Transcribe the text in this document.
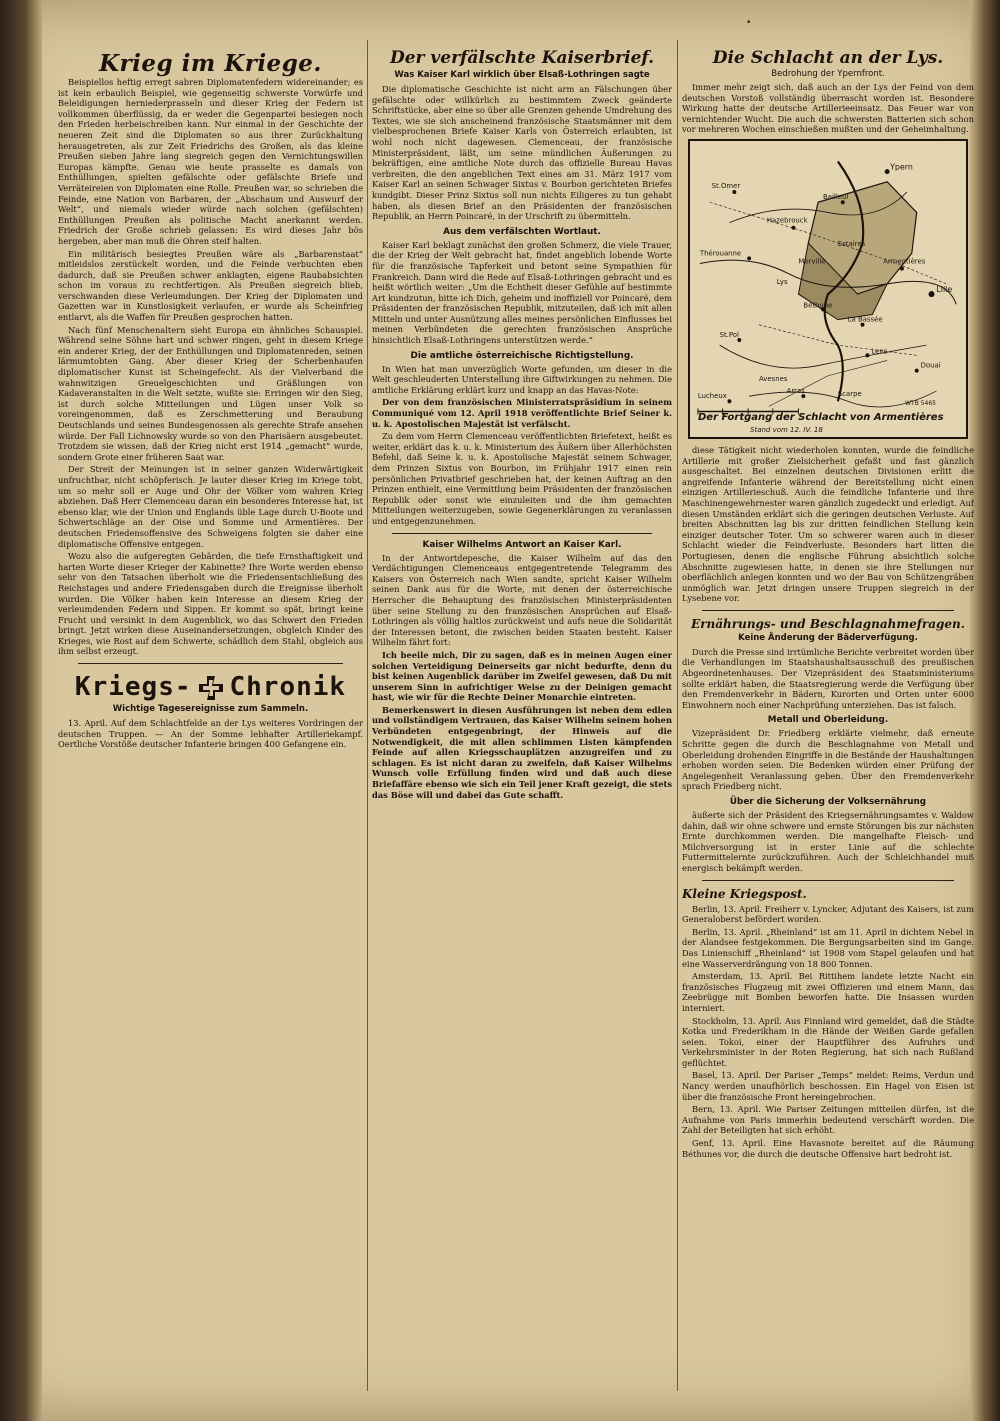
•
Krieg im Kriege.

Beispiellos heftig erregt sabren Diplomatenfedern widereinander; es ist kein erbaulich Beispiel, wie gegenseitig schwerste Vorwürfe und Beleidigungen herniederprasseln und dieser Krieg der Federn ist vollkommen überflüssig, da er weder die Gegenpartei besiegen noch den Frieden herbeischreiben kann. Nur einmal in der Geschichte der neueren Zeit sind die Diplomaten so aus ihrer Zurückhaltung herausgetreten, als zur Zeit Friedrichs des Großen, als das kleine Preußen sieben Jahre lang siegreich gegen den Vernichtungswillen Europas kämpfte. Genau wie heute prasselte es damals von Enthüllungen, spielten gefälschte oder gefälschte Briefe und Verräteireien von Diplomaten eine Rolle. Preußen war, so schrieben die Feinde, eine Nation von Barbaren, der „Abschaum und Auswurf der Welt“, und niemals wieder würde nach solchen (gefälschten) Enthüllungen Preußen als politische Macht anerkannt werden. Friedrich der Große schrieb gelassen: Es wird dieses Jahr bös hergeben, aber man muß die Ohren steif halten.

Ein militärisch besiegtes Preußen wäre als „Barbarenstaat“ mitleidslos zerstückelt worden, und die Feinde verbuchten eben dadurch, daß sie Preußen schwer anklagten, eigene Raubabsichten schon im voraus zu rechtfertigen. Als Preußen siegreich blieb, verschwanden diese Verleumdungen. Der Krieg der Diplomaten und Gazetten war in Kunstlosigkeit verlaufen, er wurde als Scheinfrieg entlarvt, als die Waffen für Preußen gesprochen hatten.

Nach fünf Menschenaltern sieht Europa ein ähnliches Schauspiel. Während seine Söhne hart und schwer ringen, geht in diesem Kriege ein anderer Krieg, der der Enthüllungen und Diplomatenreden, seinen lärmumtobten Gang. Aber dieser Krieg der Scherbenhaufen diplomatischer Kunst ist Scheingefecht. Als der Vielverband die wahnwitzigen Greuelgeschichten und Gräßlungen von Kadaveranstalten in die Welt setzte, wußte sie: Erringen wir den Sieg, ist durch solche Mitteilungen und Lügen unser Volk so voreingenommen, daß es Zerschmetterung und Beraubung Deutschlands und seines Bundesgenossen als gerechte Strafe ansehen würde. Der Fall Lichnowsky wurde so von den Pharisäern ausgebeutet. Trotzdem sie wissen, daß der Krieg nicht erst 1914 „gemacht“ wurde, sondern Grote einer früheren Saat war.

Der Streit der Meinungen ist in seiner ganzen Widerwärtigkeit unfruchtbar, nicht schöpferisch. Je lauter dieser Krieg im Kriege tobt, um so mehr soll er Auge und Ohr der Völker vom wahren Krieg abziehen. Daß Herr Clemenceau daran ein besonderes Interesse hat, ist ebenso klar, wie der Union und Englands üble Lage durch U-Boote und Schwertschläge an der Oise und Somme und Armentières. Der deutschen Friedensoffensive des Schweigens folgten sie daher eine diplomatische Offensive entgegen.

Wozu also die aufgeregten Gebärden, die tiefe Ernsthaftigkeit und harten Worte dieser Krieger der Kabinette? Ihre Worte werden ebenso sehr von den Tatsachen überholt wie die Friedensentschließung des Reichstages und andere Friedensgaben durch die Ereignisse überholt wurden. Die Völker haben kein Interesse an diesem Krieg der verleumdenden Federn und Sippen. Er kommt so spät, bringt keine Frucht und versinkt in dem Augenblick, wo das Schwert den Frieden bringt. Jetzt wirken diese Auseinandersetzungen, obgleich Kinder des Krieges, wie Rost auf dem Schwerte, schädlich dem Stahl, obgleich aus ihm selbst erzeugt.

Kriegs- Chronik
Wichtige Tagesereignisse zum Sammeln.

13. April. Auf dem Schlachtfelde an der Lys weiteres Vordringen der deutschen Truppen. — An der Somme lebhafter Artilleriekampf. Oertliche Vorstöße deutscher Infanterie bringen 400 Gefangene ein.

Der verfälschte Kaiserbrief.
Was Kaiser Karl wirklich über Elsaß-Lothringen sagte

Die diplomatische Geschichte ist nicht arm an Fälschungen über gefälschte oder willkürlich zu bestimmtem Zweck geänderte Schriftstücke, aber eine so über alle Grenzen gehende Umdrehung des Textes, wie sie sich anscheinend französische Staatsmänner mit dem vielbesprochenen Briefe Kaiser Karls von Österreich erlaubten, ist wohl noch nicht dagewesen. Clemenceau, der französische Ministerpräsident, läßt, um seine mündlichen Äußerungen zu bekräftigen, eine amtliche Note durch das offizielle Bureau Havas verbreiten, die den angeblichen Text eines am 31. März 1917 vom Kaiser Karl an seinen Schwager Sixtus v. Bourbon gerichteten Briefes kundgibt. Dieser Prinz Sixtus soll nun nichts Eiligeres zu tun gehabt haben, als diesen Brief an den Präsidenten der französischen Republik, an Herrn Poincaré, in der Urschrift zu übermitteln.

Aus dem verfälschten Wortlaut.

Kaiser Karl beklagt zunächst den großen Schmerz, die viele Trauer, die der Krieg der Welt gebracht hat, findet angeblich lobende Worte für die französische Tapferkeit und betont seine Sympathien für Frankreich. Dann wird die Rede auf Elsaß-Lothringen gebracht und es heißt wörtlich weiter: „Um die Echtheit dieser Gefühle auf bestimmte Art kundzutun, bitte ich Dich, geheim und inoffiziell vor Poincaré, dem Präsidenten der französischen Republik, mitzuteilen, daß ich mit allen Mitteln und unter Ausnützung alles meines persönlichen Einflusses bei meinen Verbündeten die gerechten französischen Ansprüche hinsichtlich Elsaß-Lothringens unterstützen werde.“

Die amtliche österreichische Richtigstellung.

In Wien hat man unverzüglich Worte gefunden, um dieser in die Welt geschleuderten Unterstellung ihre Giftwirkungen zu nehmen. Die amtliche Erklärung erklärt kurz und knapp an das Havas-Note:

Der von dem französischen Ministerratspräsidium in seinem Communiqué vom 12. April 1918 veröffentlichte Brief Seiner k. u. k. Apostolischen Majestät ist verfälscht.

Zu dem vom Herrn Clemenceau veröffentlichten Briefetext, heißt es weiter, erklärt das k. u. k. Ministerium des Äußern über Allerhöchsten Befehl, daß Seine k. u. k. Apostolische Majestät seinem Schwager, dem Prinzen Sixtus von Bourbon, im Frühjahr 1917 einen rein persönlichen Privatbrief geschrieben hat, der keinen Auftrag an den Prinzen enthielt, eine Vermittlung beim Präsidenten der französischen Republik oder sonst wie einzuleiten und die ihm gemachten Mitteilungen weiterzugeben, sowie Gegenerklärungen zu veranlassen und entgegenzunehmen.

Kaiser Wilhelms Antwort an Kaiser Karl.

In der Antwortdepesche, die Kaiser Wilhelm auf das den Verdächtigungen Clemenceaus entgegentretende Telegramm des Kaisers von Österreich nach Wien sandte, spricht Kaiser Wilhelm seinen Dank aus für die Worte, mit denen der österreichische Herrscher die Behauptung des französischen Ministerpräsidenten über seine Stellung zu den französischen Ansprüchen auf Elsaß-Lothringen als völlig haltlos zurückweist und aufs neue die Solidarität der Interessen betont, die zwischen beiden Staaten besteht. Kaiser Wilhelm fährt fort:

Ich beeile mich, Dir zu sagen, daß es in meinen Augen einer solchen Verteidigung Deinerseits gar nicht bedurfte, denn du bist keinen Augenblick darüber im Zweifel gewesen, daß Du mit unserem Sinn in aufrichtiger Weise zu der Deinigen gemacht hast, wie wir für die Rechte Deiner Monarchie eintreten.

Bemerkenswert in diesen Ausführungen ist neben dem edlen und vollständigem Vertrauen, das Kaiser Wilhelm seinem hohen Verbündeten entgegenbringt, der Hinweis auf die Notwendigkeit, die mit allen schlimmen Listen kämpfenden Feinde auf allen Kriegsschauplätzen anzugreifen und zu schlagen. Es ist nicht daran zu zweifeln, daß Kaiser Wilhelms Wunsch volle Erfüllung finden wird und daß auch diese Briefaffäre ebenso wie sich ein Teil jener Kraft gezeigt, die stets das Böse will und dabei das Gute schafft.

Die Schlacht an der Lys.
Bedrohung der Ypernfront.

Immer mehr zeigt sich, daß auch an der Lys der Feind von dem deutschen Vorstoß vollständig überrascht worden ist. Besondere Wirkung hatte der deutsche Artillerieeinsatz. Das Feuer war von vernichtender Wucht. Die auch die schwersten Batterien sich schon vor mehreren Wochen einschießen mußten und der Geheimhaltung.

Ypern
St.Omer
Bailleul
Hazebrouck
Thérouanne
Armentières
Lille
Béthune
La Bassée
St.Pol
Lens
Douai
Arras
Avesnes
Lucheux	Scarpe
Merville
Estaires
Lys
WTB 5465
Der Fortgang der Schlacht von Armentières
Stand vom 12. IV. 18

diese Tätigkeit nicht wiederholen konnten, wurde die feindliche Artillerie mit großer Zielsicherheit gefaßt und fast gänzlich ausgeschaltet. Bei einzelnen deutschen Divisionen erlitt die angreifende Infanterie während der Bereitstellung nicht einen einzigen Artillerieschuß. Auch die feindliche Infanterie und ihre Maschinengewehrnester waren gänzlich zugedeckt und erledigt. Auf diesen Umständen erklärt sich die geringen deutschen Verluste. Auf breiten Abschnitten lag bis zur dritten feindlichen Stellung kein einziger deutscher Toter. Um so schwerer waren auch in dieser Schlacht wieder die Feindverluste. Besonders hart litten die Portugiesen, denen die englische Führung absichtlich solche Abschnitte zugewiesen hatte, in denen sie ihre Stellungen nur oberflächlich anlegen konnten und wo der Bau von Schützengräben unmöglich war. Jetzt dringen unsere Truppen siegreich in der Lysebene vor.

Ernährungs- und Beschlagnahmefragen.
Keine Änderung der Bäderverfügung.

Durch die Presse sind irrtümliche Berichte verbreitet worden über die Verhandlungen im Staatshaushaltsausschuß des preußischen Abgeordnetenhauses. Der Vizepräsident des Staatsministeriums sollte erklärt haben, die Staatsregierung werde die Verfügung über den Fremdenverkehr in Bädern, Kurorten und Orten unter 6000 Einwohnern noch einer Nachprüfung unterziehen. Das ist falsch.

Metall und Oberleidung.

Vizepräsident Dr. Friedberg erklärte vielmehr, daß erneute Schritte gegen die durch die Beschlagnahme von Metall und Oberleidung drohenden Eingriffe in die Bestände der Haushaltungen erhoben worden seien. Die Bedenken würden einer Prüfung der Angelegenheit Veranlassung geben. Über den Fremdenverkehr sprach Friedberg nicht.

Über die Sicherung der Volksernährung

äußerte sich der Präsident des Kriegsernährungsamtes v. Waldow dahin, daß wir ohne schwere und ernste Störungen bis zur nächsten Ernte durchkommen werden. Die mangelhafte Fleisch- und Milchversorgung ist in erster Linie auf die schlechte Futtermittelernte zurückzuführen. Auch der Schleichhandel muß energisch bekämpft werden.

Kleine Kriegspost.

Berlin, 13. April. Freiherr v. Lyncker, Adjutant des Kaisers, ist zum Generaloberst befördert worden.

Berlin, 13. April. „Rheinland“ ist am 11. April in dichtem Nebel in der Alandsee festgekommen. Die Bergungsarbeiten sind im Gange. Das Linienschiff „Rheinland“ ist 1908 vom Stapel gelaufen und hat eine Wasserverdrängung von 18 800 Tonnen.

Amsterdam, 13. April. Bei Rittihem landete letzte Nacht ein französisches Flugzeug mit zwei Offizieren und einem Mann, das Zeebrügge mit Bomben beworfen hatte. Die Insassen wurden interniert.

Stockholm, 13. April. Aus Finnland wird gemeldet, daß die Städte Kotka und Frederikham in die Hände der Weißen Garde gefallen seien. Tokoi, einer der Hauptführer des Aufruhrs und Verkehrsminister in der Roten Regierung, hat sich nach Rußland geflüchtet.

Basel, 13. April. Der Pariser „Temps“ meldet: Reims, Verdun und Nancy werden unaufhörlich beschossen. Ein Hagel von Eisen ist über die französische Front hereingebrochen.

Bern, 13. April. Wie Pariser Zeitungen mitteilen dürfen, ist die Aufnahme von Paris immerhin bedeutend verschärft worden. Die Zahl der Beteiligten hat sich erhöht.

Genf, 13. April. Eine Havasnote bereitet auf die Räumung Béthunes vor, die durch die deutsche Offensive hart bedroht ist.
